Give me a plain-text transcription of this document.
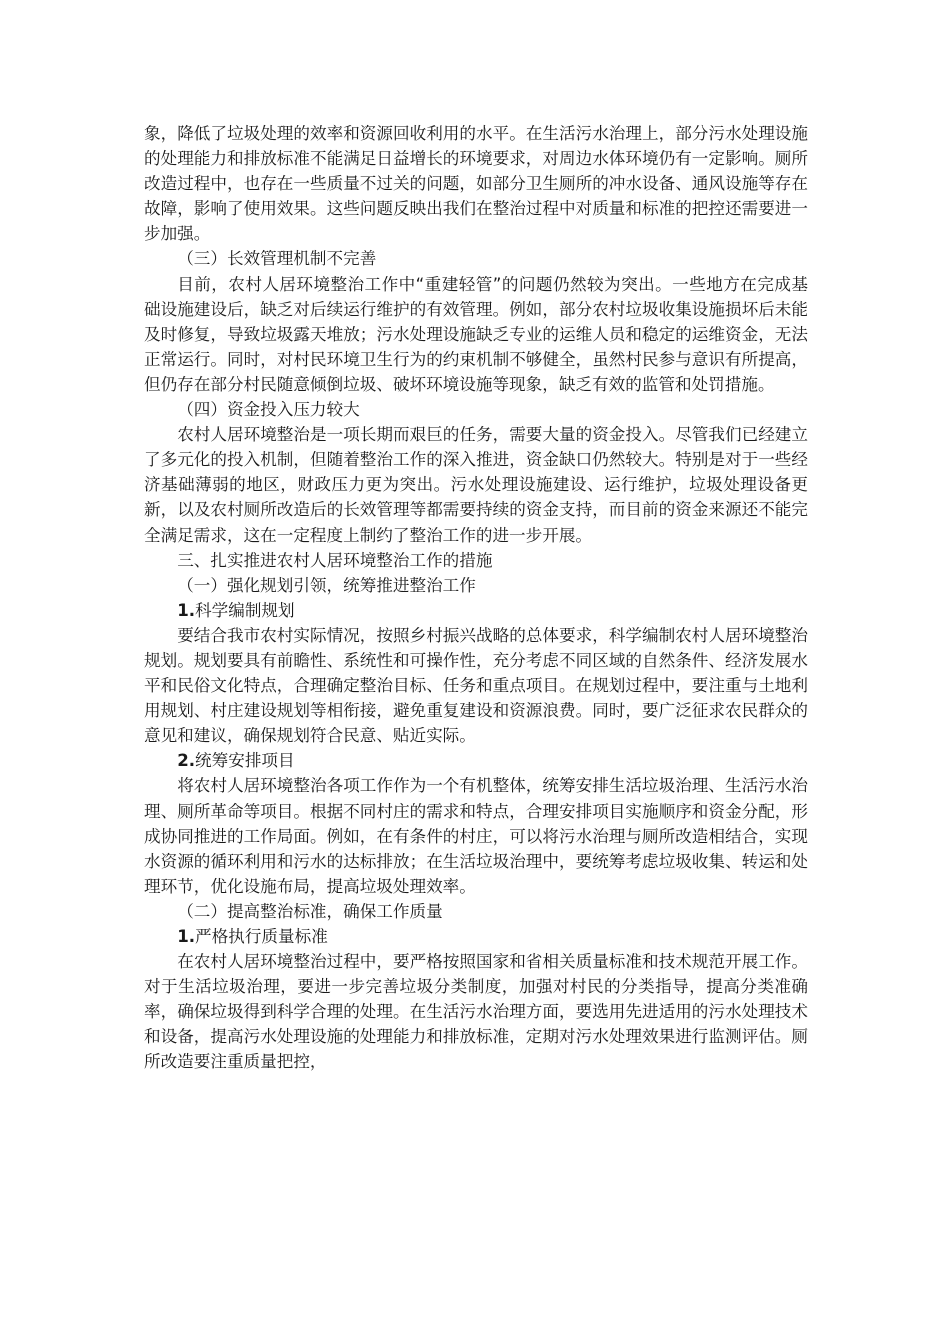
象，降低了垃圾处理的效率和资源回收利用的水平。在生活污水治理上，部分污水处理设施的处理能力和排放标准不能满足日益增长的环境要求，对周边水体环境仍有一定影响。厕所改造过程中，也存在一些质量不过关的问题，如部分卫生厕所的冲水设备、通风设施等存在故障，影响了使用效果。这些问题反映出我们在整治过程中对质量和标准的把控还需要进一步加强。

（三）长效管理机制不完善

目前，农村人居环境整治工作中“重建轻管”的问题仍然较为突出。一些地方在完成基础设施建设后，缺乏对后续运行维护的有效管理。例如，部分农村垃圾收集设施损坏后未能及时修复，导致垃圾露天堆放；污水处理设施缺乏专业的运维人员和稳定的运维资金，无法正常运行。同时，对村民环境卫生行为的约束机制不够健全，虽然村民参与意识有所提高，但仍存在部分村民随意倾倒垃圾、破坏环境设施等现象，缺乏有效的监管和处罚措施。

（四）资金投入压力较大

农村人居环境整治是一项长期而艰巨的任务，需要大量的资金投入。尽管我们已经建立了多元化的投入机制，但随着整治工作的深入推进，资金缺口仍然较大。特别是对于一些经济基础薄弱的地区，财政压力更为突出。污水处理设施建设、运行维护，垃圾处理设备更新，以及农村厕所改造后的长效管理等都需要持续的资金支持，而目前的资金来源还不能完全满足需求，这在一定程度上制约了整治工作的进一步开展。

三、扎实推进农村人居环境整治工作的措施

（一）强化规划引领，统筹推进整治工作

1.科学编制规划

要结合我市农村实际情况，按照乡村振兴战略的总体要求，科学编制农村人居环境整治规划。规划要具有前瞻性、系统性和可操作性，充分考虑不同区域的自然条件、经济发展水平和民俗文化特点，合理确定整治目标、任务和重点项目。在规划过程中，要注重与土地利用规划、村庄建设规划等相衔接，避免重复建设和资源浪费。同时，要广泛征求农民群众的意见和建议，确保规划符合民意、贴近实际。

2.统筹安排项目

将农村人居环境整治各项工作作为一个有机整体，统筹安排生活垃圾治理、生活污水治理、厕所革命等项目。根据不同村庄的需求和特点，合理安排项目实施顺序和资金分配，形成协同推进的工作局面。例如，在有条件的村庄，可以将污水治理与厕所改造相结合，实现水资源的循环利用和污水的达标排放；在生活垃圾治理中，要统筹考虑垃圾收集、转运和处理环节，优化设施布局，提高垃圾处理效率。

（二）提高整治标准，确保工作质量

1.严格执行质量标准

在农村人居环境整治过程中，要严格按照国家和省相关质量标准和技术规范开展工作。对于生活垃圾治理，要进一步完善垃圾分类制度，加强对村民的分类指导，提高分类准确率，确保垃圾得到科学合理的处理。在生活污水治理方面，要选用先进适用的污水处理技术和设备，提高污水处理设施的处理能力和排放标准，定期对污水处理效果进行监测评估。厕所改造要注重质量把控，
